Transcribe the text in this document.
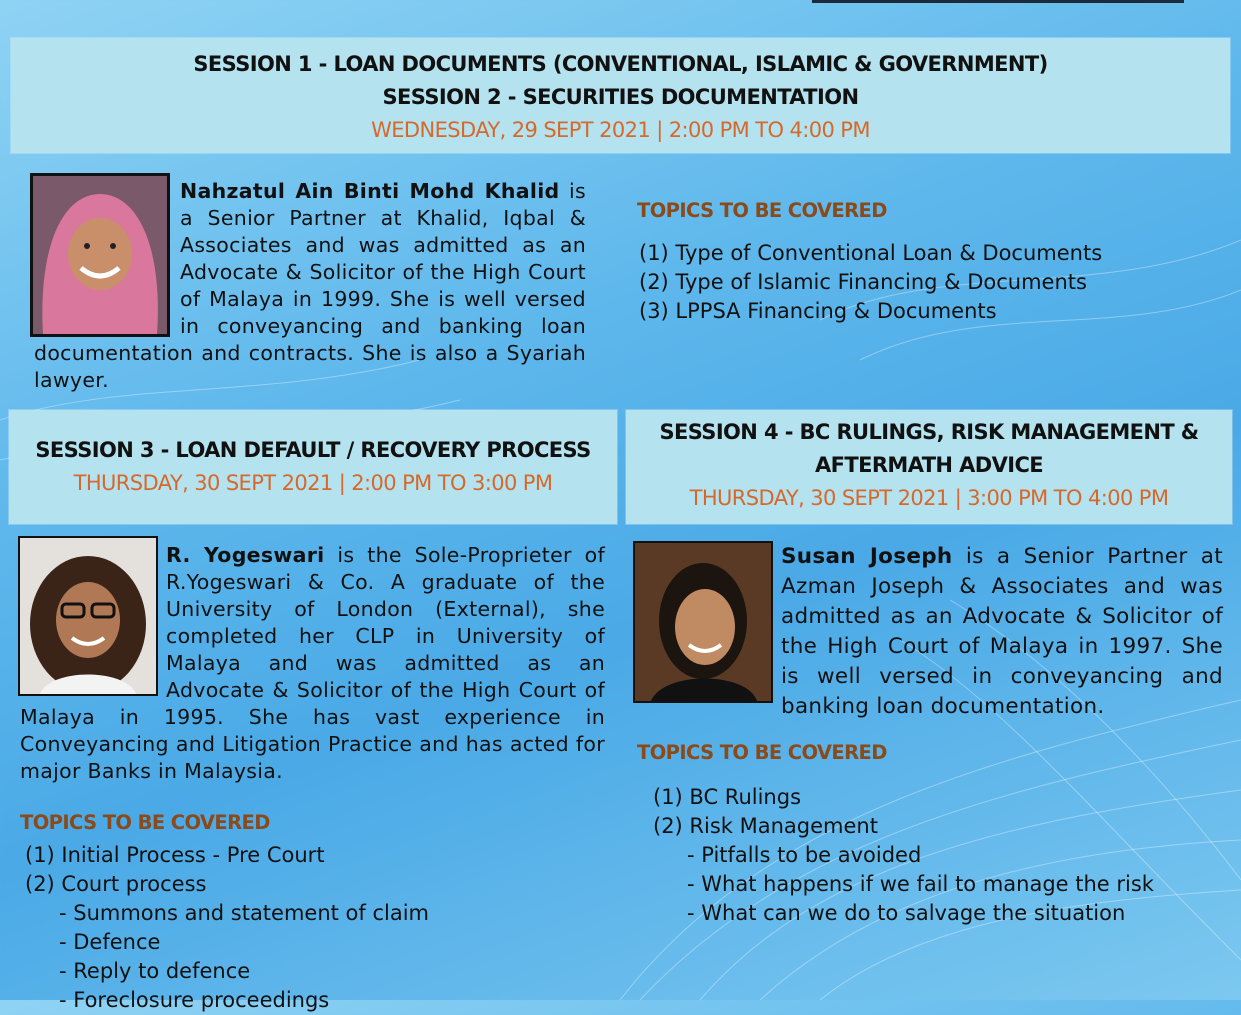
SESSION 1 - LOAN DOCUMENTS (CONVENTIONAL, ISLAMIC & GOVERNMENT)
SESSION 2 - SECURITIES DOCUMENTATION
WEDNESDAY, 29 SEPT 2021 | 2:00 PM TO 4:00 PM
Nahzatul Ain Binti Mohd Khalid is a Senior Partner at Khalid, Iqbal & Associates and was admitted as an Advocate & Solicitor of the High Court of Malaya in 1999. She is well versed in conveyancing and banking loan documentation and contracts. She is also a Syariah lawyer.
TOPICS TO BE COVERED
(1) Type of Conventional Loan & Documents
(2) Type of Islamic Financing & Documents
(3) LPPSA Financing & Documents
SESSION 3 - LOAN DEFAULT / RECOVERY PROCESS
THURSDAY, 30 SEPT 2021 | 2:00 PM TO 3:00 PM
SESSION 4 - BC RULINGS, RISK MANAGEMENT &
AFTERMATH ADVICE
THURSDAY, 30 SEPT 2021 | 3:00 PM TO 4:00 PM
R. Yogeswari is the Sole-Proprieter of R.Yogeswari & Co. A graduate of the University of London (External), she completed her CLP in University of Malaya and was admitted as an Advocate & Solicitor of the High Court of Malaya in 1995. She has vast experience in Conveyancing and Litigation Practice and has acted for major Banks in Malaysia.
TOPICS TO BE COVERED
(1) Initial Process - Pre Court
(2) Court process
- Summons and statement of claim
- Defence
- Reply to defence
- Foreclosure proceedings
Susan Joseph is a Senior Partner at Azman Joseph & Associates and was admitted as an Advocate & Solicitor of the High Court of Malaya in 1997. She is well versed in conveyancing and banking loan documentation.
TOPICS TO BE COVERED
(1) BC Rulings
(2) Risk Management
- Pitfalls to be avoided
- What happens if we fail to manage the risk
- What can we do to salvage the situation
